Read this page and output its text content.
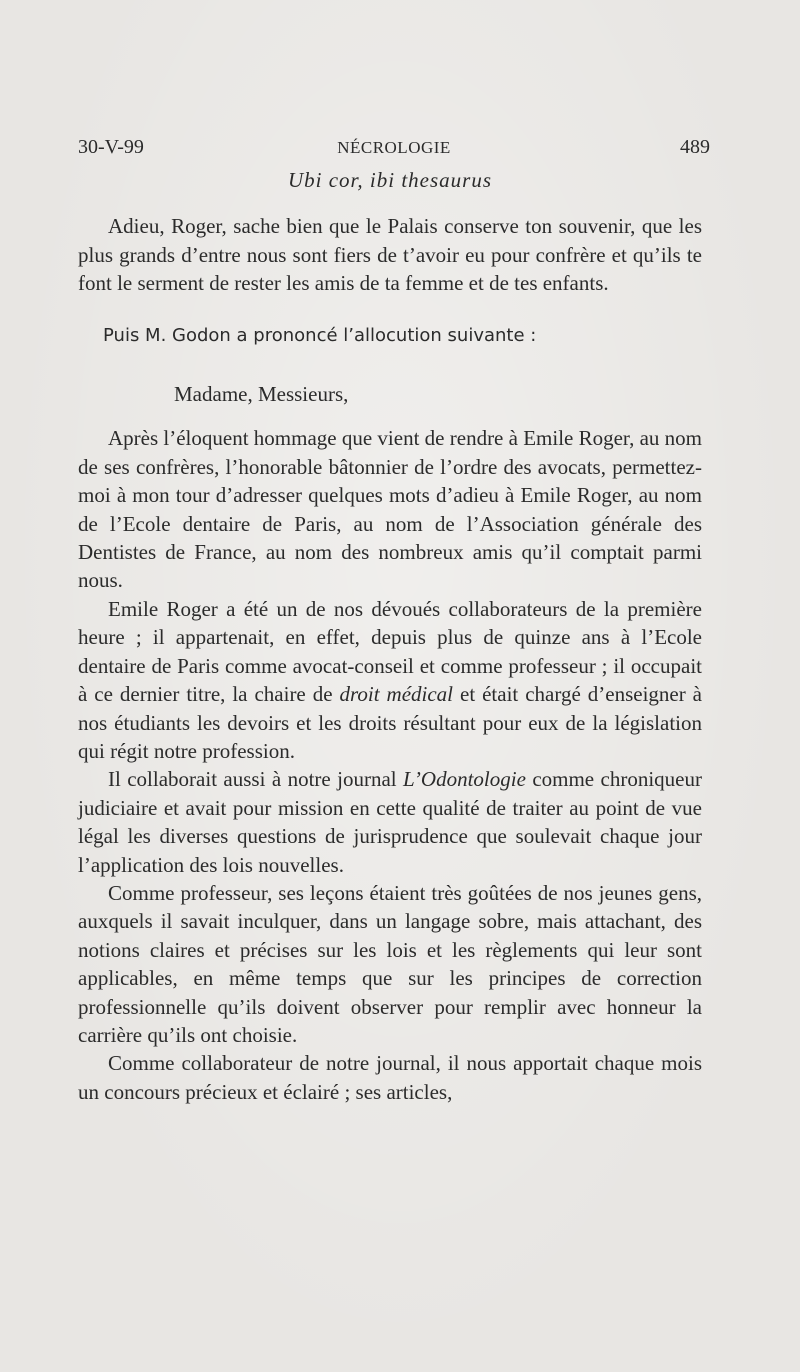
30-V-99	NÉCROLOGIE	489
Ubi cor, ibi thesaurus

Adieu, Roger, sache bien que le Palais conserve ton souvenir, que les plus grands d’entre nous sont fiers de t’avoir eu pour confrère et qu’ils te font le serment de rester les amis de ta femme et de tes enfants.

Puis M. Godon a prononcé l’allocution suivante :

Madame, Messieurs,

Après l’éloquent hommage que vient de rendre à Emile Roger, au nom de ses confrères, l’honorable bâtonnier de l’ordre des avocats, permettez-moi à mon tour d’adresser quelques mots d’adieu à Emile Roger, au nom de l’Ecole dentaire de Paris, au nom de l’Association générale des Dentistes de France, au nom des nombreux amis qu’il comptait parmi nous.

Emile Roger a été un de nos dévoués collaborateurs de la première heure ; il appartenait, en effet, depuis plus de quinze ans à l’Ecole dentaire de Paris comme avocat-conseil et comme professeur ; il occupait à ce dernier titre, la chaire de droit médical et était chargé d’enseigner à nos étudiants les devoirs et les droits résultant pour eux de la législation qui régit notre profession.

Il collaborait aussi à notre journal L’Odontologie comme chroniqueur judiciaire et avait pour mission en cette qualité de traiter au point de vue légal les diverses questions de jurisprudence que soulevait chaque jour l’application des lois nouvelles.

Comme professeur, ses leçons étaient très goûtées de nos jeunes gens, auxquels il savait inculquer, dans un langage sobre, mais attachant, des notions claires et précises sur les lois et les règlements qui leur sont applicables, en même temps que sur les principes de correction professionnelle qu’ils doivent observer pour remplir avec honneur la carrière qu’ils ont choisie.

Comme collaborateur de notre journal, il nous apportait chaque mois un concours précieux et éclairé ; ses articles,
